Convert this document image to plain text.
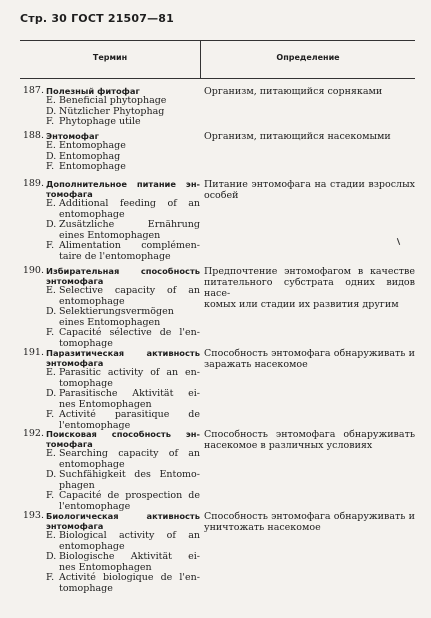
Стр. 30 ГОСТ 21507—81
Термин	Определение
187. Полезный фитофаг
E. Beneficial phytophage
D. Nützlicher Phytophag
F. Phytophage utile
Организм, питающийся сорняками
188. Энтомофаг
E. Entomophage
D. Entomophag
F. Entomophage
Организм, питающийся насекомыми
189. Дополнительное питание эн-
томофага
E. Additional feeding of an
entomophage
D. Zusätzliche Ernährung
eines Entomophagen
F. Alimentation complémen-
taire de l'entomophage
Питание энтомофага на стадии взрослых
особей
190. Избирательная способность
энтомофага
E. Selective capacity of an
entomophage
D. Selektierungsvermögen
eines Entomophagen
F. Capacité sélective de l'en-
tomophage
Предпочтение энтомофагом в качестве
питательного субстрата одних видов насе-
комых или стадии их развития другим
191. Паразитическая активность
энтомофага
E. Parasitic activity of an en-
tomophage
D. Parasitische Aktivität ei-
nes Entomophagen
F. Activité parasitique de
l'entomophage
Способность энтомофага обнаруживать и
заражать насекомое
192. Поисковая способность эн-
томофага
E. Searching capacity of an
entomophage
D. Suchfähigkeit des Entomo-
phagen
F. Capacité de prospection de
l'entomophage
Способность энтомофага обнаруживать
насекомое в различных условиях
193. Биологическая активность
энтомофага
E. Biological activity of an
entomophage
D. Biologische Aktivität ei-
nes Entomophagen
F. Activité biologique de l'en-
tomophage
Способность энтомофага обнаруживать и
уничтожать насекомое
